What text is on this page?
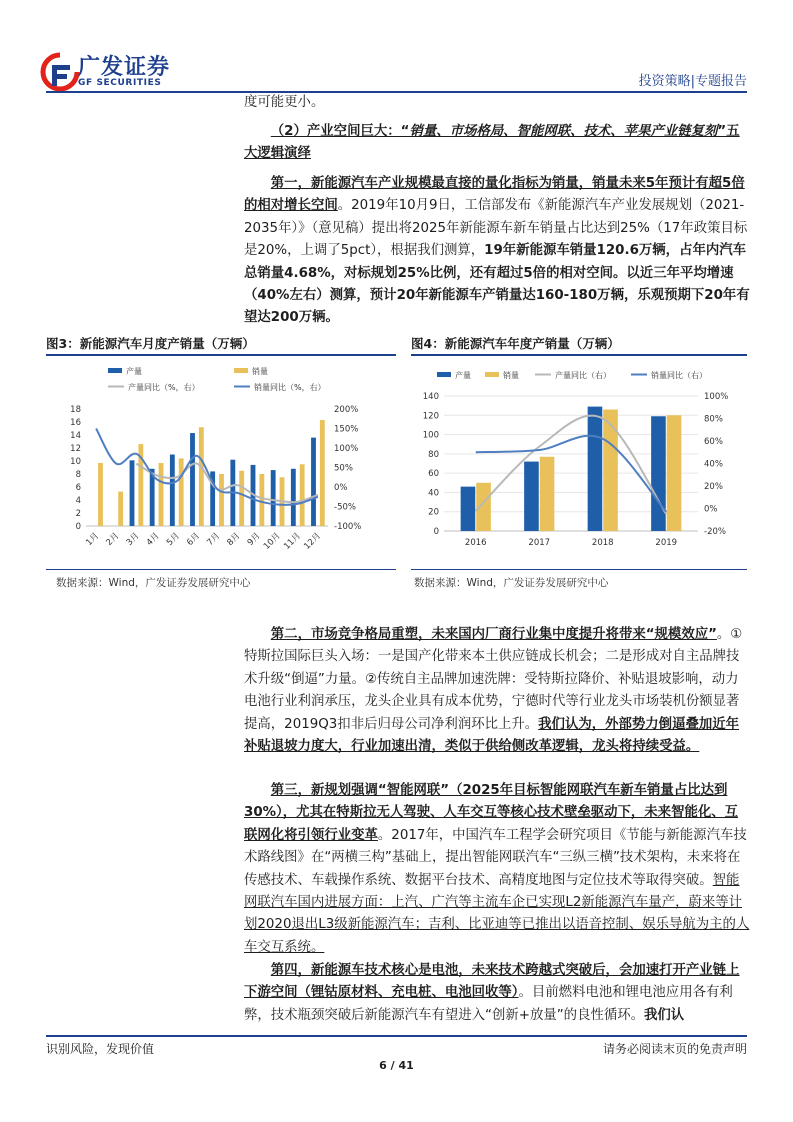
广发证券
GF SECURITIES	投资策略|专题报告
度可能更小。
（2）产业空间巨大：“销量、市场格局、智能网联、技术、苹果产业链复刻”五大逻辑演绎
第一，新能源汽车产业规模最直接的量化指标为销量，销量未来5年预计有超5倍的相对增长空间。2019年10月9日，工信部发布《新能源汽车产业发展规划（2021-2035年）》（意见稿）提出将2025年新能源车新车销量占比达到25%（17年政策目标是20%，上调了5pct），根据我们测算，19年新能源车销量120.6万辆，占年内汽车总销量4.68%，对标规划25%比例，还有超过5倍的相对空间。以近三年平均增速（40%左右）测算，预计20年新能源车产销量达160-180万辆，乐观预期下20年有望达200万辆。
图3：新能源汽车月度产销量（万辆）
产量	销量
产量同比（%，右）	销量同比（%，右）
0
2
4
6
8
10
12
14
16
18
-100%
-50%
0%
50%
100%
150%
200%
1月 2月 3月 4月 5月 6月 7月 8月 9月 10月 11月 12月
数据来源：Wind，广发证券发展研究中心
图4：新能源汽车年度产销量（万辆）
产量	销量	产量同比（右）	销量同比（右）
0
20
40
60
80
100
120
140
-20%
0%
20%
40%
60%
80%
100%
2016	2017	2018	2019
数据来源：Wind，广发证券发展研究中心
第二，市场竞争格局重塑，未来国内厂商行业集中度提升将带来“规模效应”。①特斯拉国际巨头入场：一是国产化带来本土供应链成长机会；二是形成对自主品牌技术升级“倒逼”力量。②传统自主品牌加速洗牌：受特斯拉降价、补贴退坡影响，动力电池行业利润承压，龙头企业具有成本优势，宁德时代等行业龙头市场装机份额显著提高，2019Q3扣非后归母公司净利润环比上升。我们认为，外部势力倒逼叠加近年补贴退坡力度大，行业加速出清，类似于供给侧改革逻辑，龙头将持续受益。
第三，新规划强调“智能网联”（2025年目标智能网联汽车新车销量占比达到30%），尤其在特斯拉无人驾驶、人车交互等核心技术壁垒驱动下，未来智能化、互联网化将引领行业变革。2017年，中国汽车工程学会研究项目《节能与新能源汽车技术路线图》在“两横三构”基础上，提出智能网联汽车“三纵三横”技术架构，未来将在传感技术、车载操作系统、数据平台技术、高精度地图与定位技术等取得突破。智能网联汽车国内进展方面：上汽、广汽等主流车企已实现L2新能源汽车量产，蔚来等计划2020退出L3级新能源汽车；吉利、比亚迪等已推出以语音控制、娱乐导航为主的人车交互系统。
第四，新能源车技术核心是电池，未来技术跨越式突破后，会加速打开产业链上下游空间（锂钴原材料、充电桩、电池回收等）。目前燃料电池和锂电池应用各有利弊，技术瓶颈突破后新能源汽车有望进入“创新+放量”的良性循环。我们认
识别风险，发现价值	请务必阅读末页的免责声明
6 / 41
